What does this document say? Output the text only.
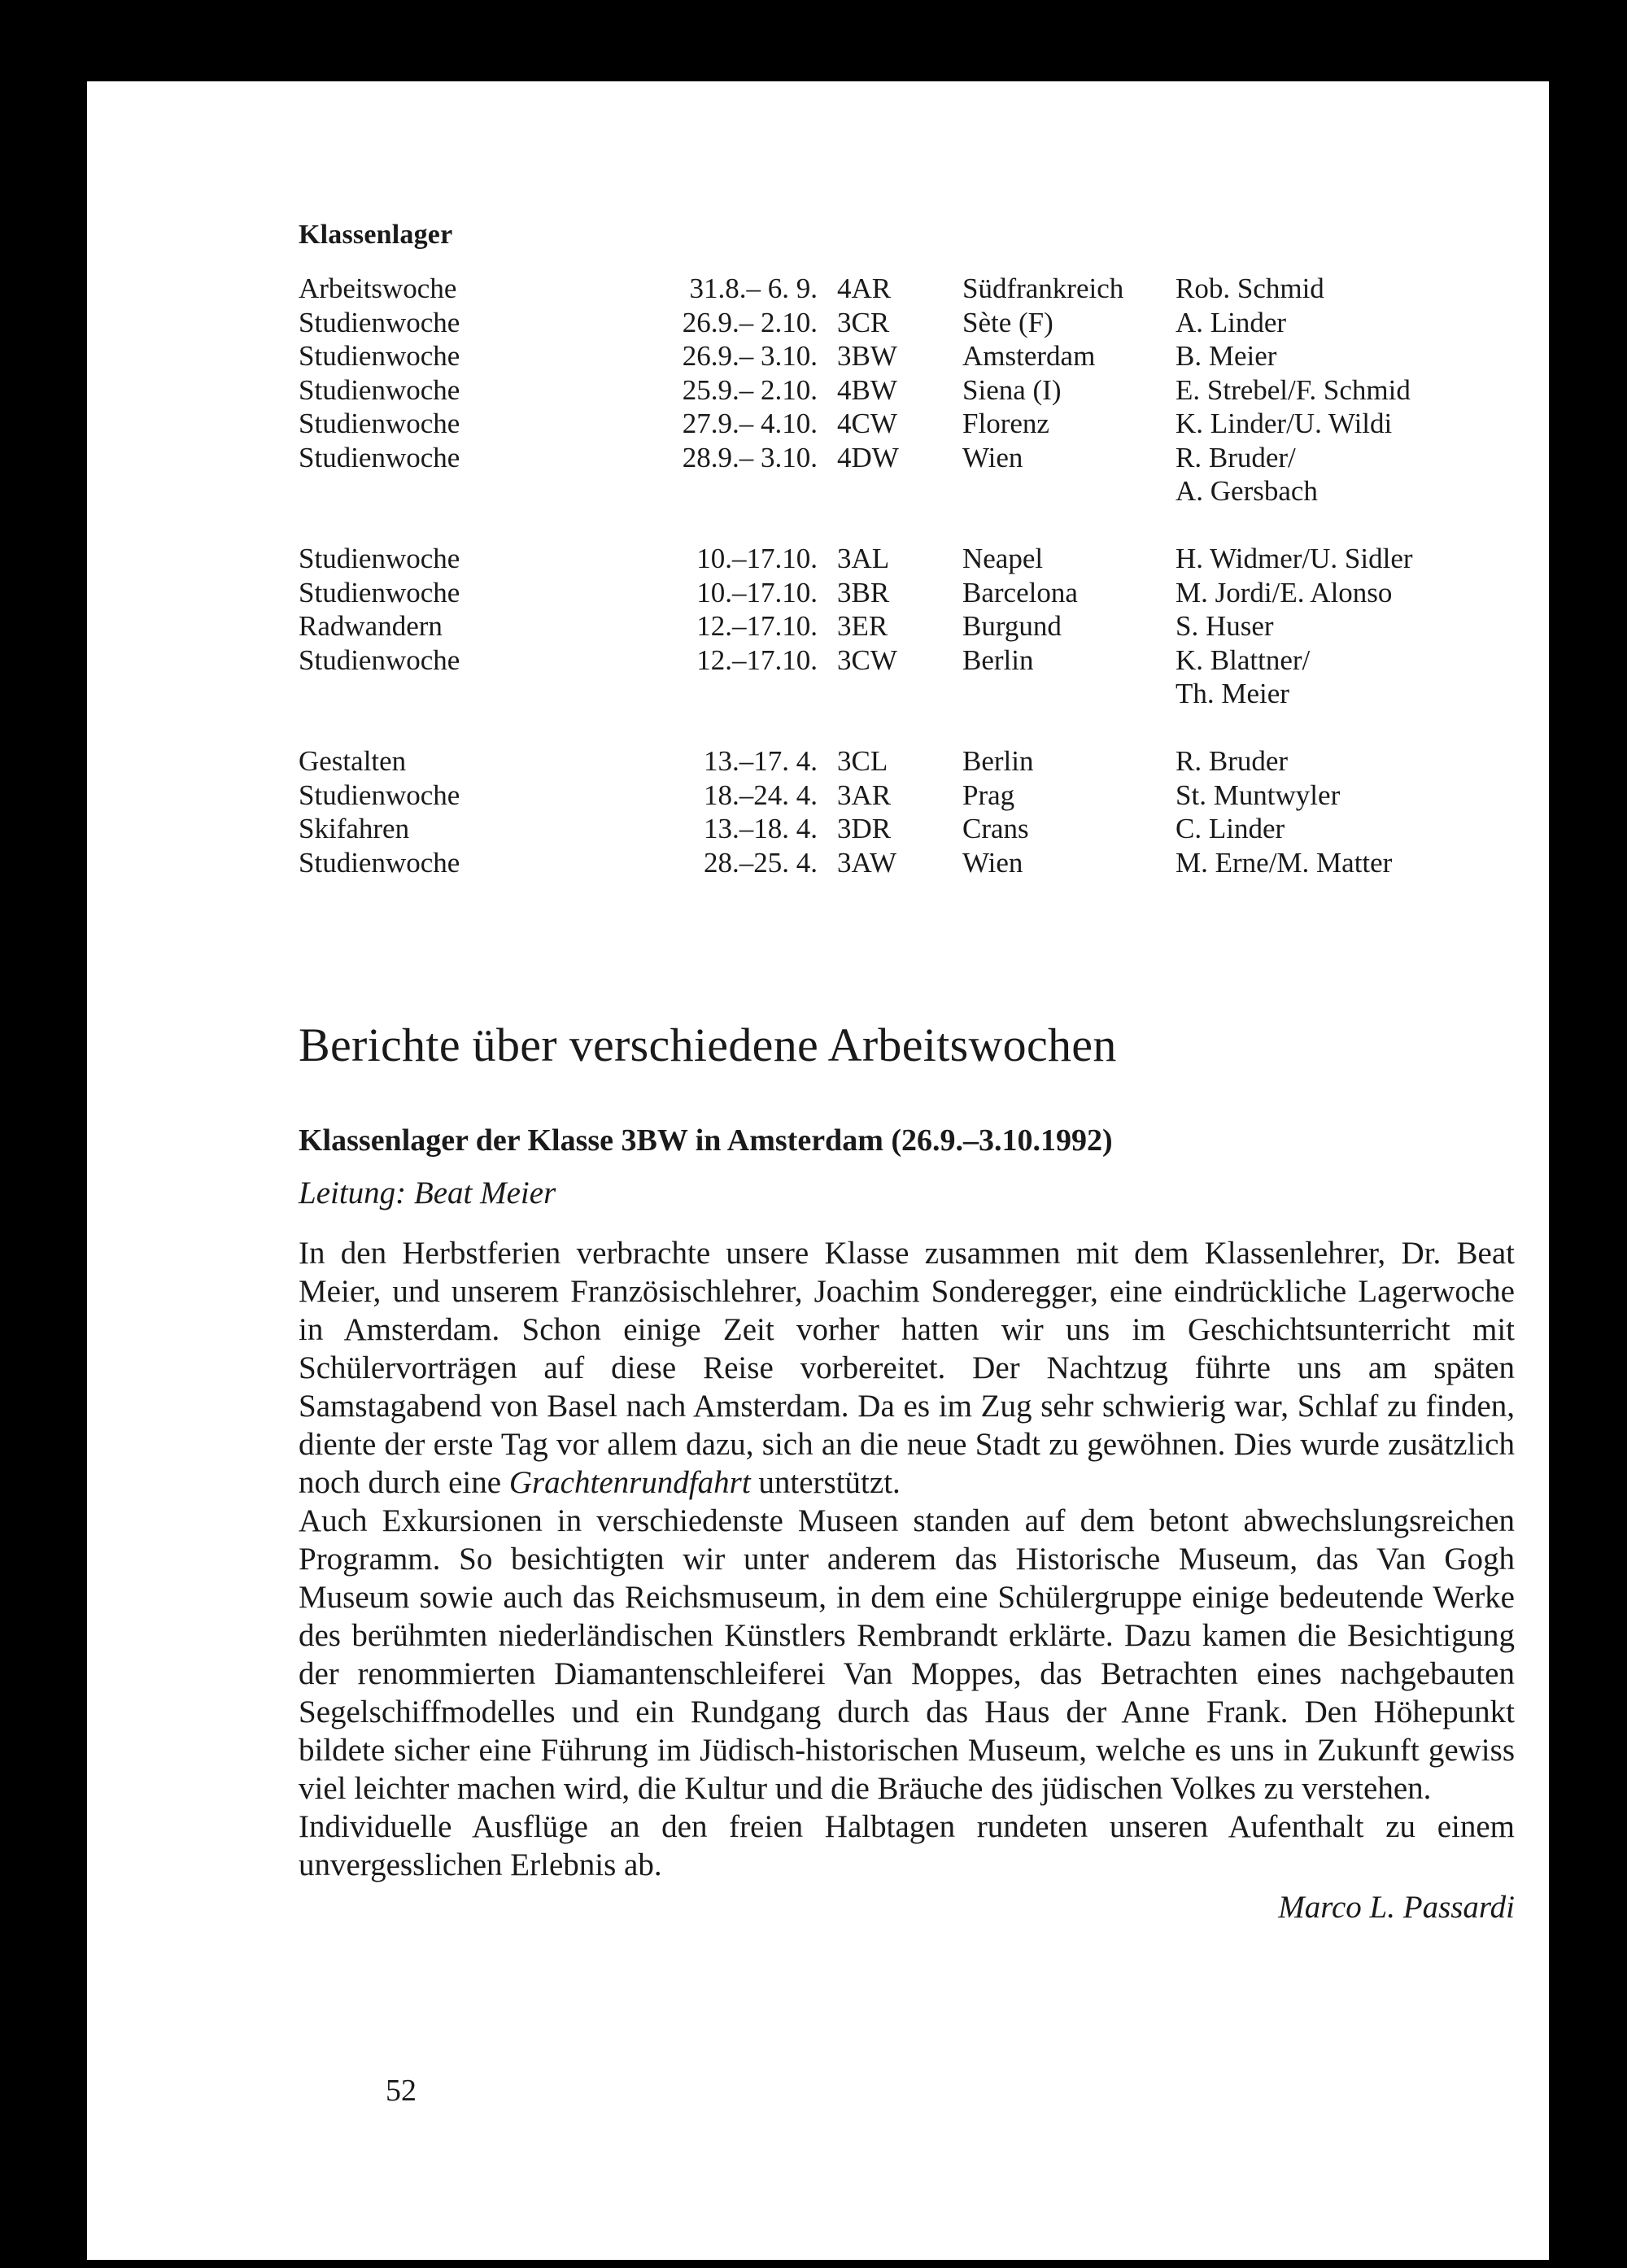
Klassenlager
Arbeitswoche	31.8.– 6. 9.	4AR	Südfrankreich	Rob. Schmid

Studienwoche	26.9.– 2.10.	3CR	Sète (F)	A. Linder

Studienwoche	26.9.– 3.10.	3BW	Amsterdam	B. Meier

Studienwoche	25.9.– 2.10.	4BW	Siena (I)	E. Strebel/F. Schmid

Studienwoche	27.9.– 4.10.	4CW	Florenz	K. Linder/U. Wildi

Studienwoche	28.9.– 3.10.	4DW	Wien	R. Bruder/
A. Gersbach

Studienwoche	10.–17.10.	3AL	Neapel	H. Widmer/U. Sidler

Studienwoche	10.–17.10.	3BR	Barcelona	M. Jordi/E. Alonso

Radwandern	12.–17.10.	3ER	Burgund	S. Huser

Studienwoche	12.–17.10.	3CW	Berlin	K. Blattner/
Th. Meier

Gestalten	13.–17. 4.	3CL	Berlin	R. Bruder

Studienwoche	18.–24. 4.	3AR	Prag	St. Muntwyler

Skifahren	13.–18. 4.	3DR	Crans	C. Linder

Studienwoche	28.–25. 4.	3AW	Wien	M. Erne/M. Matter
Berichte über verschiedene Arbeitswochen
Klassenlager der Klasse 3BW in Amsterdam (26.9.–3.10.1992)
Leitung: Beat Meier

In den Herbstferien verbrachte unsere Klasse zusammen mit dem Klassenlehrer, Dr. Beat Meier, und unserem Französischlehrer, Joachim Sonderegger, eine eindrückliche Lagerwoche in Amsterdam. Schon einige Zeit vorher hatten wir uns im Geschichtsunterricht mit Schülervorträgen auf diese Reise vorbereitet. Der Nachtzug führte uns am späten Samstagabend von Basel nach Amsterdam. Da es im Zug sehr schwierig war, Schlaf zu finden, diente der erste Tag vor allem dazu, sich an die neue Stadt zu gewöhnen. Dies wurde zusätzlich noch durch eine Grachtenrundfahrt unterstützt.

Auch Exkursionen in verschiedenste Museen standen auf dem betont abwechslungsreichen Programm. So besichtigten wir unter anderem das Historische Museum, das Van Gogh Museum sowie auch das Reichsmuseum, in dem eine Schülergruppe einige bedeutende Werke des berühmten niederländischen Künstlers Rembrandt erklärte. Dazu kamen die Besichtigung der renommierten Diamantenschleiferei Van Moppes, das Betrachten eines nachgebauten Segelschiffmodelles und ein Rundgang durch das Haus der Anne Frank. Den Höhepunkt bildete sicher eine Führung im Jüdisch-historischen Museum, welche es uns in Zukunft gewiss viel leichter machen wird, die Kultur und die Bräuche des jüdischen Volkes zu verstehen.

Individuelle Ausflüge an den freien Halbtagen rundeten unseren Aufenthalt zu einem unvergesslichen Erlebnis ab.

Marco L. Passardi
52
